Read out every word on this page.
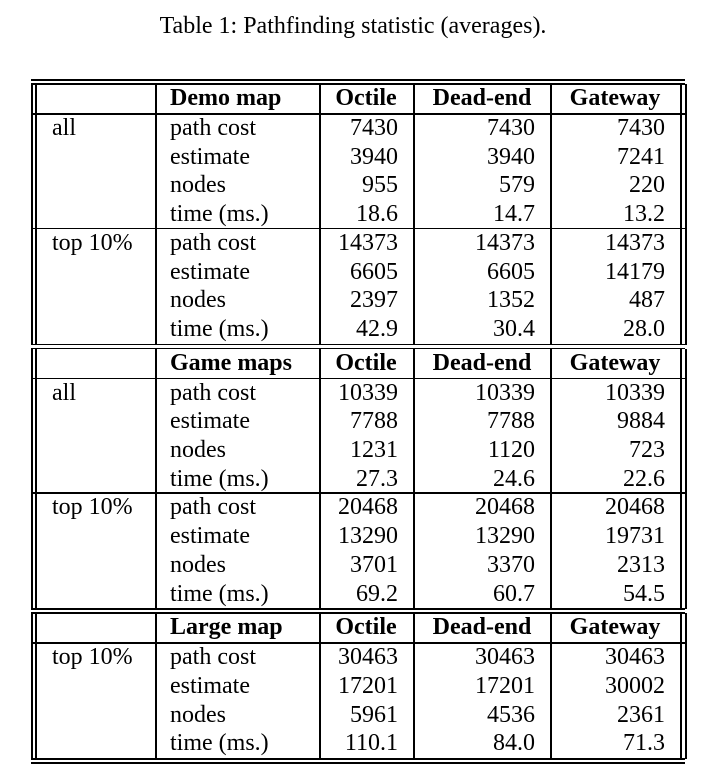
Table 1: Pathfinding statistic (averages).
Demo map	Octile	Dead-end	Gateway
all	path cost	7430	7430	7430
estimate	3940	3940	7241
nodes	955	579	220
time (ms.)	18.6	14.7	13.2
top 10% path cost	14373	14373	14373
estimate	6605	6605	14179
nodes	2397	1352	487
time (ms.)	42.9	30.4	28.0
Game maps	Octile	Dead-end	Gateway
all	path cost	10339	10339	10339
estimate	7788	7788	9884
nodes	1231	1120	723
time (ms.)	27.3	24.6	22.6
top 10% path cost	20468	20468	20468
estimate	13290	13290	19731
nodes	3701	3370	2313
time (ms.)	69.2	60.7	54.5
Large map	Octile	Dead-end	Gateway
top 10% path cost	30463	30463	30463
estimate	17201	17201	30002
nodes	5961	4536	2361
time (ms.)	110.1	84.0	71.3
